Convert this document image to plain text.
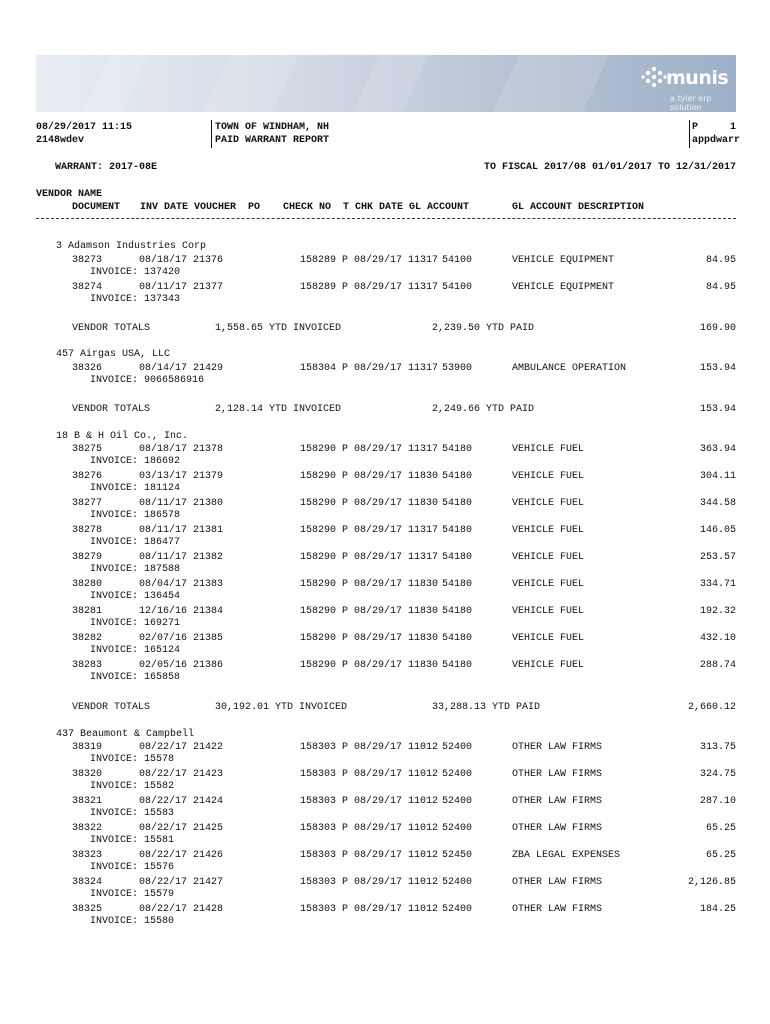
munis
a tyler erp solution
08/29/2017 11:15
2148wdev
TOWN OF WINDHAM, NH
PAID WARRANT REPORT
P	1
appdwarr
WARRANT: 2017-08E	TO FISCAL 2017/08 01/01/2017 TO 12/31/2017
VENDOR NAME
DOCUMENT INV DATE VOUCHER  PO CHECK NO  T CHK DATE GL ACCOUNT	GL ACCOUNT DESCRIPTION
3 Adamson Industries Corp
38273	08/18/17 21376	158289 P 08/29/17 11317 54100	VEHICLE EQUIPMENT	84.95
INVOICE: 137420
38274	08/11/17 21377	158289 P 08/29/17 11317 54100	VEHICLE EQUIPMENT	84.95
INVOICE: 137343
VENDOR TOTALS	1,558.65 YTD INVOICED	2,239.50 YTD PAID	169.90
457 Airgas USA, LLC
38326	08/14/17 21429	158304 P 08/29/17 11317 53900	AMBULANCE OPERATION	153.94
INVOICE: 9066586916
VENDOR TOTALS	2,128.14 YTD INVOICED	2,249.66 YTD PAID	153.94
18 B & H Oil Co., Inc.
38275	08/18/17 21378	158290 P 08/29/17 11317 54180	VEHICLE FUEL	363.94
INVOICE: 186692
38276	03/13/17 21379	158290 P 08/29/17 11830 54180	VEHICLE FUEL	304.11
INVOICE: 181124
38277	08/11/17 21380	158290 P 08/29/17 11830 54180	VEHICLE FUEL	344.58
INVOICE: 186578
38278	08/11/17 21381	158290 P 08/29/17 11317 54180	VEHICLE FUEL	146.05
INVOICE: 186477
38279	08/11/17 21382	158290 P 08/29/17 11317 54180	VEHICLE FUEL	253.57
INVOICE: 187588
38280	08/04/17 21383	158290 P 08/29/17 11830 54180	VEHICLE FUEL	334.71
INVOICE: 136454
38281	12/16/16 21384	158290 P 08/29/17 11830 54180	VEHICLE FUEL	192.32
INVOICE: 169271
38282	02/07/16 21385	158290 P 08/29/17 11830 54180	VEHICLE FUEL	432.10
INVOICE: 165124
38283	02/05/16 21386	158290 P 08/29/17 11830 54180	VEHICLE FUEL	288.74
INVOICE: 165858
VENDOR TOTALS	30,192.01 YTD INVOICED	33,288.13 YTD PAID	2,660.12
437 Beaumont & Campbell
38319	08/22/17 21422	158303 P 08/29/17 11012 52400	OTHER LAW FIRMS	313.75
INVOICE: 15578
38320	08/22/17 21423	158303 P 08/29/17 11012 52400	OTHER LAW FIRMS	324.75
INVOICE: 15582
38321	08/22/17 21424	158303 P 08/29/17 11012 52400	OTHER LAW FIRMS	287.10
INVOICE: 15583
38322	08/22/17 21425	158303 P 08/29/17 11012 52400	OTHER LAW FIRMS	65.25
INVOICE: 15581
38323	08/22/17 21426	158303 P 08/29/17 11012 52450	ZBA LEGAL EXPENSES	65.25
INVOICE: 15576
38324	08/22/17 21427	158303 P 08/29/17 11012 52400	OTHER LAW FIRMS	2,126.85
INVOICE: 15579
38325	08/22/17 21428	158303 P 08/29/17 11012 52400	OTHER LAW FIRMS	184.25
INVOICE: 15580
